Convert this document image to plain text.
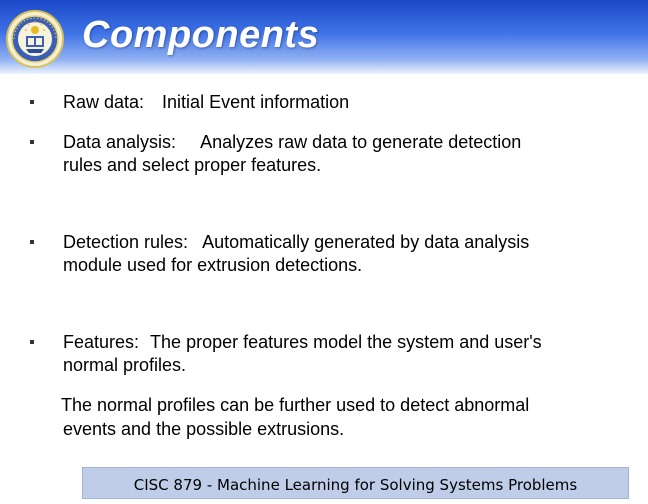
Components
Raw data: Initial Event information
Data analysis: Analyzes raw data to generate detection
rules and select proper features.
Detection rules: Automatically generated by data analysis
module used for extrusion detections.
Features: The proper features model the system and user's
normal profiles.
The normal profiles can be further used to detect abnormal
events and the possible extrusions.
CISC 879 - Machine Learning for Solving Systems Problems
